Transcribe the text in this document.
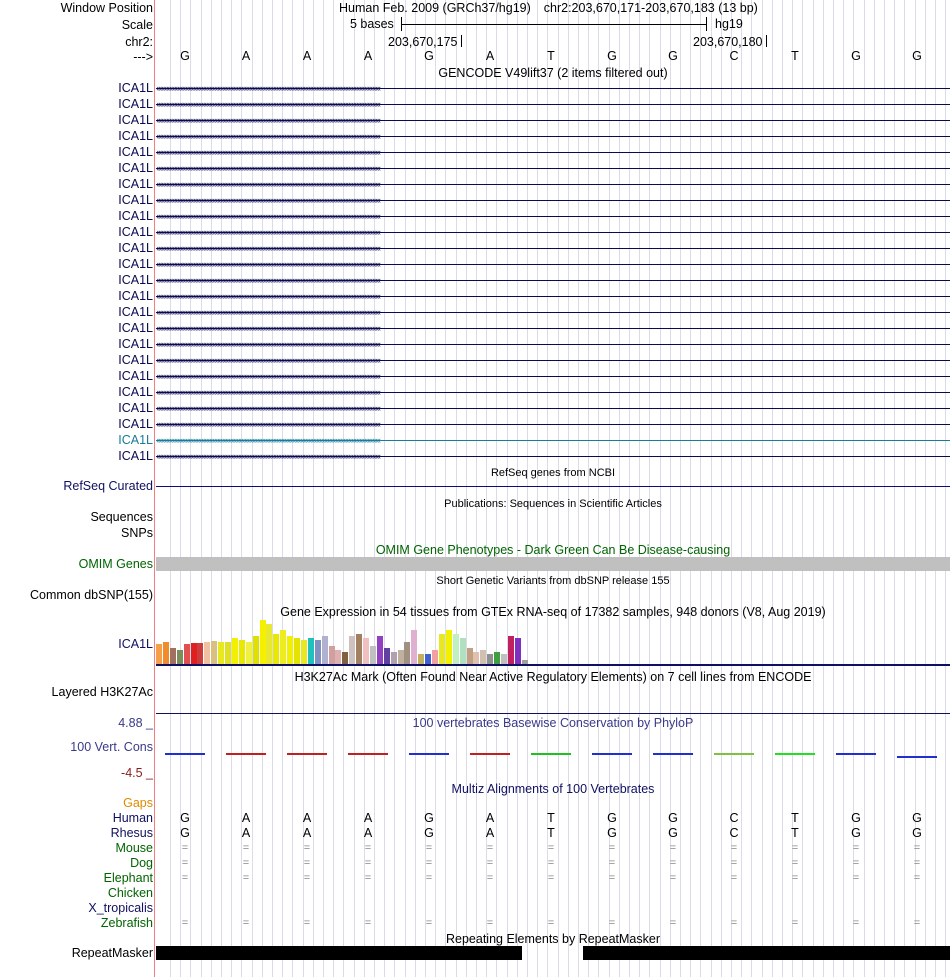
Window Position	Human Feb. 2009 (GRCh37/hg19) chr2:203,670,171-203,670,183 (13 bp)
Scale	5 bases	hg19
chr2:	203,670,175	203,670,180
--->	G	A	A	A	G	A	T	G	G	C	T	G	G
GENCODE V49lift37 (2 items filtered out)
ICA1L ‹‹‹‹‹‹‹‹‹‹‹‹‹‹‹‹‹‹‹‹‹‹‹‹‹‹‹‹‹‹‹‹‹‹‹‹‹‹‹‹‹‹‹‹‹‹‹‹‹‹‹‹‹‹‹‹‹‹‹‹‹‹‹‹‹‹‹‹‹‹‹‹‹‹‹‹‹‹‹‹‹‹‹‹‹‹‹‹‹‹‹‹‹‹‹‹‹‹‹‹‹‹‹‹‹‹‹‹‹‹‹‹‹‹‹‹‹‹‹‹‹‹‹‹‹‹‹‹‹‹‹‹‹‹‹‹‹‹‹‹
ICA1L ‹‹‹‹‹‹‹‹‹‹‹‹‹‹‹‹‹‹‹‹‹‹‹‹‹‹‹‹‹‹‹‹‹‹‹‹‹‹‹‹‹‹‹‹‹‹‹‹‹‹‹‹‹‹‹‹‹‹‹‹‹‹‹‹‹‹‹‹‹‹‹‹‹‹‹‹‹‹‹‹‹‹‹‹‹‹‹‹‹‹‹‹‹‹‹‹‹‹‹‹‹‹‹‹‹‹‹‹‹‹‹‹‹‹‹‹‹‹‹‹‹‹‹‹‹‹‹‹‹‹‹‹‹‹‹‹‹‹‹‹
ICA1L ‹‹‹‹‹‹‹‹‹‹‹‹‹‹‹‹‹‹‹‹‹‹‹‹‹‹‹‹‹‹‹‹‹‹‹‹‹‹‹‹‹‹‹‹‹‹‹‹‹‹‹‹‹‹‹‹‹‹‹‹‹‹‹‹‹‹‹‹‹‹‹‹‹‹‹‹‹‹‹‹‹‹‹‹‹‹‹‹‹‹‹‹‹‹‹‹‹‹‹‹‹‹‹‹‹‹‹‹‹‹‹‹‹‹‹‹‹‹‹‹‹‹‹‹‹‹‹‹‹‹‹‹‹‹‹‹‹‹‹‹
ICA1L ‹‹‹‹‹‹‹‹‹‹‹‹‹‹‹‹‹‹‹‹‹‹‹‹‹‹‹‹‹‹‹‹‹‹‹‹‹‹‹‹‹‹‹‹‹‹‹‹‹‹‹‹‹‹‹‹‹‹‹‹‹‹‹‹‹‹‹‹‹‹‹‹‹‹‹‹‹‹‹‹‹‹‹‹‹‹‹‹‹‹‹‹‹‹‹‹‹‹‹‹‹‹‹‹‹‹‹‹‹‹‹‹‹‹‹‹‹‹‹‹‹‹‹‹‹‹‹‹‹‹‹‹‹‹‹‹‹‹‹‹
ICA1L ‹‹‹‹‹‹‹‹‹‹‹‹‹‹‹‹‹‹‹‹‹‹‹‹‹‹‹‹‹‹‹‹‹‹‹‹‹‹‹‹‹‹‹‹‹‹‹‹‹‹‹‹‹‹‹‹‹‹‹‹‹‹‹‹‹‹‹‹‹‹‹‹‹‹‹‹‹‹‹‹‹‹‹‹‹‹‹‹‹‹‹‹‹‹‹‹‹‹‹‹‹‹‹‹‹‹‹‹‹‹‹‹‹‹‹‹‹‹‹‹‹‹‹‹‹‹‹‹‹‹‹‹‹‹‹‹‹‹‹‹
ICA1L ‹‹‹‹‹‹‹‹‹‹‹‹‹‹‹‹‹‹‹‹‹‹‹‹‹‹‹‹‹‹‹‹‹‹‹‹‹‹‹‹‹‹‹‹‹‹‹‹‹‹‹‹‹‹‹‹‹‹‹‹‹‹‹‹‹‹‹‹‹‹‹‹‹‹‹‹‹‹‹‹‹‹‹‹‹‹‹‹‹‹‹‹‹‹‹‹‹‹‹‹‹‹‹‹‹‹‹‹‹‹‹‹‹‹‹‹‹‹‹‹‹‹‹‹‹‹‹‹‹‹‹‹‹‹‹‹‹‹‹‹
ICA1L ‹‹‹‹‹‹‹‹‹‹‹‹‹‹‹‹‹‹‹‹‹‹‹‹‹‹‹‹‹‹‹‹‹‹‹‹‹‹‹‹‹‹‹‹‹‹‹‹‹‹‹‹‹‹‹‹‹‹‹‹‹‹‹‹‹‹‹‹‹‹‹‹‹‹‹‹‹‹‹‹‹‹‹‹‹‹‹‹‹‹‹‹‹‹‹‹‹‹‹‹‹‹‹‹‹‹‹‹‹‹‹‹‹‹‹‹‹‹‹‹‹‹‹‹‹‹‹‹‹‹‹‹‹‹‹‹‹‹‹‹
ICA1L ‹‹‹‹‹‹‹‹‹‹‹‹‹‹‹‹‹‹‹‹‹‹‹‹‹‹‹‹‹‹‹‹‹‹‹‹‹‹‹‹‹‹‹‹‹‹‹‹‹‹‹‹‹‹‹‹‹‹‹‹‹‹‹‹‹‹‹‹‹‹‹‹‹‹‹‹‹‹‹‹‹‹‹‹‹‹‹‹‹‹‹‹‹‹‹‹‹‹‹‹‹‹‹‹‹‹‹‹‹‹‹‹‹‹‹‹‹‹‹‹‹‹‹‹‹‹‹‹‹‹‹‹‹‹‹‹‹‹‹‹
ICA1L ‹‹‹‹‹‹‹‹‹‹‹‹‹‹‹‹‹‹‹‹‹‹‹‹‹‹‹‹‹‹‹‹‹‹‹‹‹‹‹‹‹‹‹‹‹‹‹‹‹‹‹‹‹‹‹‹‹‹‹‹‹‹‹‹‹‹‹‹‹‹‹‹‹‹‹‹‹‹‹‹‹‹‹‹‹‹‹‹‹‹‹‹‹‹‹‹‹‹‹‹‹‹‹‹‹‹‹‹‹‹‹‹‹‹‹‹‹‹‹‹‹‹‹‹‹‹‹‹‹‹‹‹‹‹‹‹‹‹‹‹
ICA1L ‹‹‹‹‹‹‹‹‹‹‹‹‹‹‹‹‹‹‹‹‹‹‹‹‹‹‹‹‹‹‹‹‹‹‹‹‹‹‹‹‹‹‹‹‹‹‹‹‹‹‹‹‹‹‹‹‹‹‹‹‹‹‹‹‹‹‹‹‹‹‹‹‹‹‹‹‹‹‹‹‹‹‹‹‹‹‹‹‹‹‹‹‹‹‹‹‹‹‹‹‹‹‹‹‹‹‹‹‹‹‹‹‹‹‹‹‹‹‹‹‹‹‹‹‹‹‹‹‹‹‹‹‹‹‹‹‹‹‹‹
ICA1L ‹‹‹‹‹‹‹‹‹‹‹‹‹‹‹‹‹‹‹‹‹‹‹‹‹‹‹‹‹‹‹‹‹‹‹‹‹‹‹‹‹‹‹‹‹‹‹‹‹‹‹‹‹‹‹‹‹‹‹‹‹‹‹‹‹‹‹‹‹‹‹‹‹‹‹‹‹‹‹‹‹‹‹‹‹‹‹‹‹‹‹‹‹‹‹‹‹‹‹‹‹‹‹‹‹‹‹‹‹‹‹‹‹‹‹‹‹‹‹‹‹‹‹‹‹‹‹‹‹‹‹‹‹‹‹‹‹‹‹‹
ICA1L ‹‹‹‹‹‹‹‹‹‹‹‹‹‹‹‹‹‹‹‹‹‹‹‹‹‹‹‹‹‹‹‹‹‹‹‹‹‹‹‹‹‹‹‹‹‹‹‹‹‹‹‹‹‹‹‹‹‹‹‹‹‹‹‹‹‹‹‹‹‹‹‹‹‹‹‹‹‹‹‹‹‹‹‹‹‹‹‹‹‹‹‹‹‹‹‹‹‹‹‹‹‹‹‹‹‹‹‹‹‹‹‹‹‹‹‹‹‹‹‹‹‹‹‹‹‹‹‹‹‹‹‹‹‹‹‹‹‹‹‹
ICA1L ‹‹‹‹‹‹‹‹‹‹‹‹‹‹‹‹‹‹‹‹‹‹‹‹‹‹‹‹‹‹‹‹‹‹‹‹‹‹‹‹‹‹‹‹‹‹‹‹‹‹‹‹‹‹‹‹‹‹‹‹‹‹‹‹‹‹‹‹‹‹‹‹‹‹‹‹‹‹‹‹‹‹‹‹‹‹‹‹‹‹‹‹‹‹‹‹‹‹‹‹‹‹‹‹‹‹‹‹‹‹‹‹‹‹‹‹‹‹‹‹‹‹‹‹‹‹‹‹‹‹‹‹‹‹‹‹‹‹‹‹
ICA1L ‹‹‹‹‹‹‹‹‹‹‹‹‹‹‹‹‹‹‹‹‹‹‹‹‹‹‹‹‹‹‹‹‹‹‹‹‹‹‹‹‹‹‹‹‹‹‹‹‹‹‹‹‹‹‹‹‹‹‹‹‹‹‹‹‹‹‹‹‹‹‹‹‹‹‹‹‹‹‹‹‹‹‹‹‹‹‹‹‹‹‹‹‹‹‹‹‹‹‹‹‹‹‹‹‹‹‹‹‹‹‹‹‹‹‹‹‹‹‹‹‹‹‹‹‹‹‹‹‹‹‹‹‹‹‹‹‹‹‹‹
ICA1L ‹‹‹‹‹‹‹‹‹‹‹‹‹‹‹‹‹‹‹‹‹‹‹‹‹‹‹‹‹‹‹‹‹‹‹‹‹‹‹‹‹‹‹‹‹‹‹‹‹‹‹‹‹‹‹‹‹‹‹‹‹‹‹‹‹‹‹‹‹‹‹‹‹‹‹‹‹‹‹‹‹‹‹‹‹‹‹‹‹‹‹‹‹‹‹‹‹‹‹‹‹‹‹‹‹‹‹‹‹‹‹‹‹‹‹‹‹‹‹‹‹‹‹‹‹‹‹‹‹‹‹‹‹‹‹‹‹‹‹‹
ICA1L ‹‹‹‹‹‹‹‹‹‹‹‹‹‹‹‹‹‹‹‹‹‹‹‹‹‹‹‹‹‹‹‹‹‹‹‹‹‹‹‹‹‹‹‹‹‹‹‹‹‹‹‹‹‹‹‹‹‹‹‹‹‹‹‹‹‹‹‹‹‹‹‹‹‹‹‹‹‹‹‹‹‹‹‹‹‹‹‹‹‹‹‹‹‹‹‹‹‹‹‹‹‹‹‹‹‹‹‹‹‹‹‹‹‹‹‹‹‹‹‹‹‹‹‹‹‹‹‹‹‹‹‹‹‹‹‹‹‹‹‹
ICA1L ‹‹‹‹‹‹‹‹‹‹‹‹‹‹‹‹‹‹‹‹‹‹‹‹‹‹‹‹‹‹‹‹‹‹‹‹‹‹‹‹‹‹‹‹‹‹‹‹‹‹‹‹‹‹‹‹‹‹‹‹‹‹‹‹‹‹‹‹‹‹‹‹‹‹‹‹‹‹‹‹‹‹‹‹‹‹‹‹‹‹‹‹‹‹‹‹‹‹‹‹‹‹‹‹‹‹‹‹‹‹‹‹‹‹‹‹‹‹‹‹‹‹‹‹‹‹‹‹‹‹‹‹‹‹‹‹‹‹‹‹
ICA1L ‹‹‹‹‹‹‹‹‹‹‹‹‹‹‹‹‹‹‹‹‹‹‹‹‹‹‹‹‹‹‹‹‹‹‹‹‹‹‹‹‹‹‹‹‹‹‹‹‹‹‹‹‹‹‹‹‹‹‹‹‹‹‹‹‹‹‹‹‹‹‹‹‹‹‹‹‹‹‹‹‹‹‹‹‹‹‹‹‹‹‹‹‹‹‹‹‹‹‹‹‹‹‹‹‹‹‹‹‹‹‹‹‹‹‹‹‹‹‹‹‹‹‹‹‹‹‹‹‹‹‹‹‹‹‹‹‹‹‹‹
ICA1L ‹‹‹‹‹‹‹‹‹‹‹‹‹‹‹‹‹‹‹‹‹‹‹‹‹‹‹‹‹‹‹‹‹‹‹‹‹‹‹‹‹‹‹‹‹‹‹‹‹‹‹‹‹‹‹‹‹‹‹‹‹‹‹‹‹‹‹‹‹‹‹‹‹‹‹‹‹‹‹‹‹‹‹‹‹‹‹‹‹‹‹‹‹‹‹‹‹‹‹‹‹‹‹‹‹‹‹‹‹‹‹‹‹‹‹‹‹‹‹‹‹‹‹‹‹‹‹‹‹‹‹‹‹‹‹‹‹‹‹‹
ICA1L ‹‹‹‹‹‹‹‹‹‹‹‹‹‹‹‹‹‹‹‹‹‹‹‹‹‹‹‹‹‹‹‹‹‹‹‹‹‹‹‹‹‹‹‹‹‹‹‹‹‹‹‹‹‹‹‹‹‹‹‹‹‹‹‹‹‹‹‹‹‹‹‹‹‹‹‹‹‹‹‹‹‹‹‹‹‹‹‹‹‹‹‹‹‹‹‹‹‹‹‹‹‹‹‹‹‹‹‹‹‹‹‹‹‹‹‹‹‹‹‹‹‹‹‹‹‹‹‹‹‹‹‹‹‹‹‹‹‹‹‹
ICA1L ‹‹‹‹‹‹‹‹‹‹‹‹‹‹‹‹‹‹‹‹‹‹‹‹‹‹‹‹‹‹‹‹‹‹‹‹‹‹‹‹‹‹‹‹‹‹‹‹‹‹‹‹‹‹‹‹‹‹‹‹‹‹‹‹‹‹‹‹‹‹‹‹‹‹‹‹‹‹‹‹‹‹‹‹‹‹‹‹‹‹‹‹‹‹‹‹‹‹‹‹‹‹‹‹‹‹‹‹‹‹‹‹‹‹‹‹‹‹‹‹‹‹‹‹‹‹‹‹‹‹‹‹‹‹‹‹‹‹‹‹
ICA1L ‹‹‹‹‹‹‹‹‹‹‹‹‹‹‹‹‹‹‹‹‹‹‹‹‹‹‹‹‹‹‹‹‹‹‹‹‹‹‹‹‹‹‹‹‹‹‹‹‹‹‹‹‹‹‹‹‹‹‹‹‹‹‹‹‹‹‹‹‹‹‹‹‹‹‹‹‹‹‹‹‹‹‹‹‹‹‹‹‹‹‹‹‹‹‹‹‹‹‹‹‹‹‹‹‹‹‹‹‹‹‹‹‹‹‹‹‹‹‹‹‹‹‹‹‹‹‹‹‹‹‹‹‹‹‹‹‹‹‹‹
ICA1L ‹‹‹‹‹‹‹‹‹‹‹‹‹‹‹‹‹‹‹‹‹‹‹‹‹‹‹‹‹‹‹‹‹‹‹‹‹‹‹‹‹‹‹‹‹‹‹‹‹‹‹‹‹‹‹‹‹‹‹‹‹‹‹‹‹‹‹‹‹‹‹‹‹‹‹‹‹‹‹‹‹‹‹‹‹‹‹‹‹‹‹‹‹‹‹‹‹‹‹‹‹‹‹‹‹‹‹‹‹‹‹‹‹‹‹‹‹‹‹‹‹‹‹‹‹‹‹‹‹‹‹‹‹‹‹‹‹‹‹‹
ICA1L ‹‹‹‹‹‹‹‹‹‹‹‹‹‹‹‹‹‹‹‹‹‹‹‹‹‹‹‹‹‹‹‹‹‹‹‹‹‹‹‹‹‹‹‹‹‹‹‹‹‹‹‹‹‹‹‹‹‹‹‹‹‹‹‹‹‹‹‹‹‹‹‹‹‹‹‹‹‹‹‹‹‹‹‹‹‹‹‹‹‹‹‹‹‹‹‹‹‹‹‹‹‹‹‹‹‹‹‹‹‹‹‹‹‹‹‹‹‹‹‹‹‹‹‹‹‹‹‹‹‹‹‹‹‹‹‹‹‹‹‹
RefSeq genes from NCBI
RefSeq Curated
Publications: Sequences in Scientific Articles
Sequences
SNPs
OMIM Gene Phenotypes - Dark Green Can Be Disease-causing
OMIM Genes
Short Genetic Variants from dbSNP release 155
Common dbSNP(155)
Gene Expression in 54 tissues from GTEx RNA-seq of 17382 samples, 948 donors (V8, Aug 2019)
ICA1L
H3K27Ac Mark (Often Found Near Active Regulatory Elements) on 7 cell lines from ENCODE
Layered H3K27Ac
100 vertebrates Basewise Conservation by PhyloP
4.88 _
100 Vert. Cons
-4.5 _
Multiz Alignments of 100 Vertebrates
Gaps
Human	G	A	A	A	G	A	T	G	G	C	T	G	G
Rhesus	G	A	A	A	G	A	T	G	G	C	T	G	G
Mouse	=	=	=	=	=	=	=	=	=	=	=	=	=
Dog	=	=	=	=	=	=	=	=	=	=	=	=	=
Elephant	=	=	=	=	=	=	=	=	=	=	=	=	=
Chicken
X_tropicalis
Zebrafish	=	=	=	=	=	=	=	=	=	=	=	=	=
Repeating Elements by RepeatMasker
RepeatMasker
